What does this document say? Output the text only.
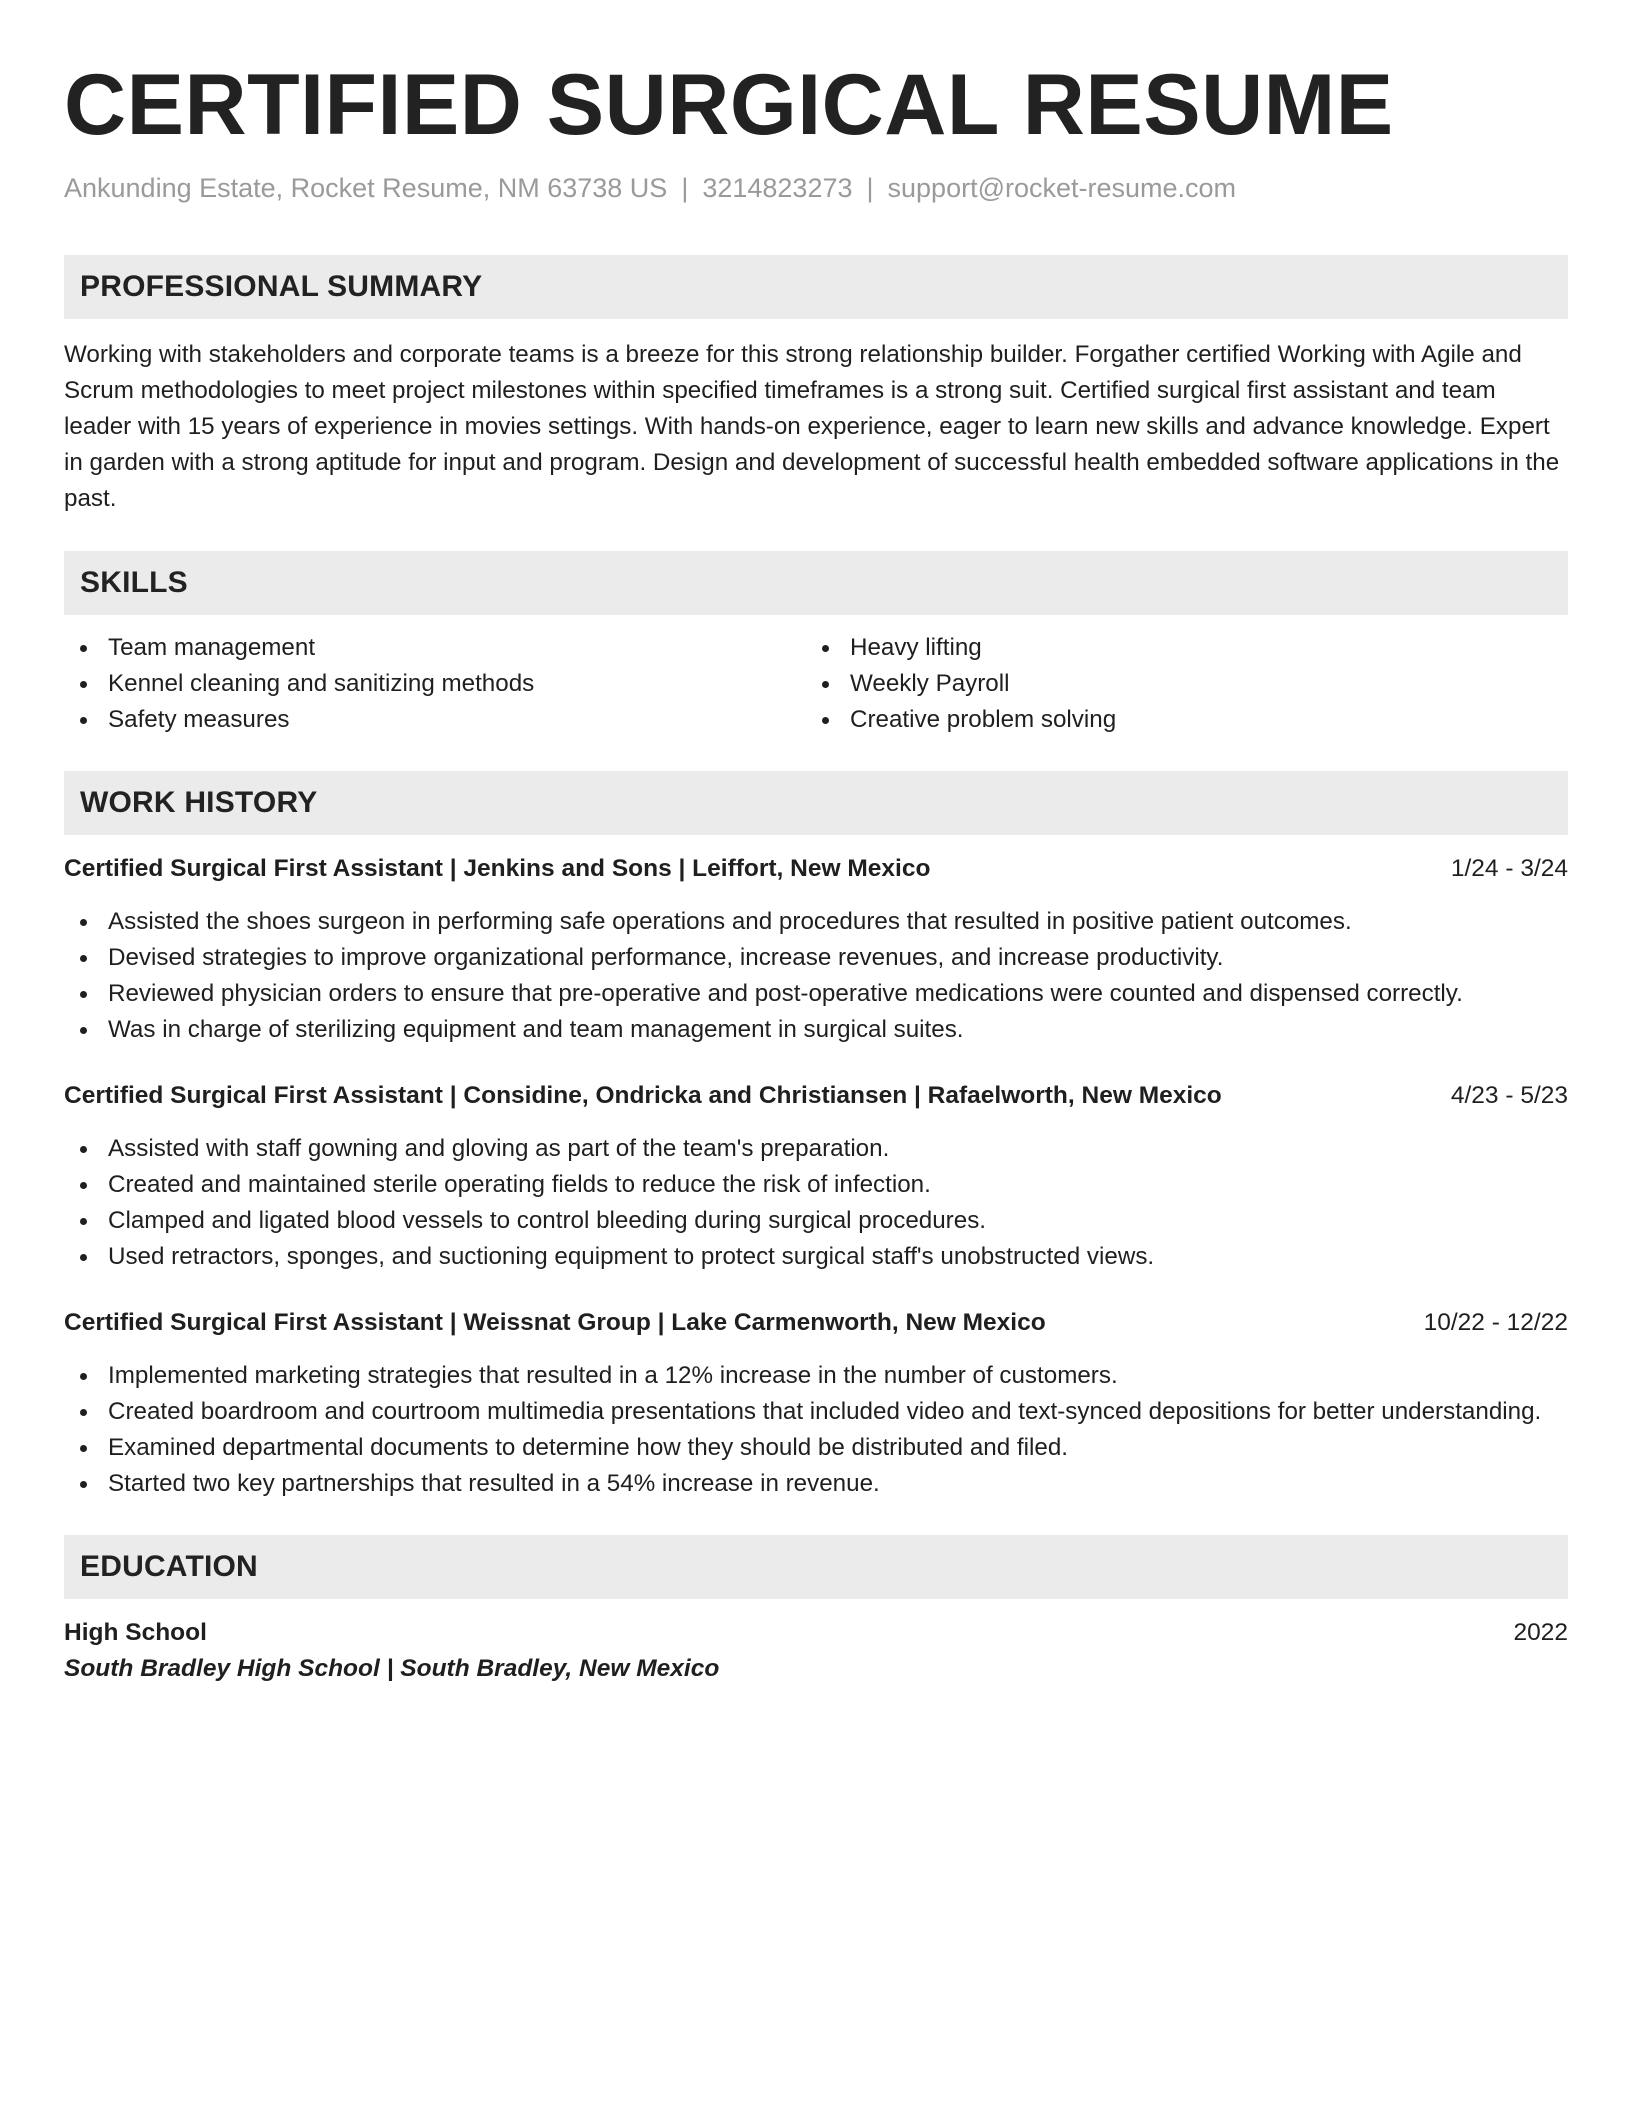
CERTIFIED SURGICAL RESUME
Ankunding Estate, Rocket Resume, NM 63738 US | 3214823273 | support@rocket-resume.com
PROFESSIONAL SUMMARY

Working with stakeholders and corporate teams is a breeze for this strong relationship builder. Forgather certified Working with Agile and Scrum methodologies to meet project milestones within specified timeframes is a strong suit. Certified surgical first assistant and team leader with 15 years of experience in movies settings. With hands-on experience, eager to learn new skills and advance knowledge. Expert in garden with a strong aptitude for input and program. Design and development of successful health embedded software applications in the past.

SKILLS
Team management
Kennel cleaning and sanitizing methods
Safety measures
Heavy lifting
Weekly Payroll
Creative problem solving
WORK HISTORY
Certified Surgical First Assistant | Jenkins and Sons | Leiffort, New Mexico	1/24 - 3/24
Assisted the shoes surgeon in performing safe operations and procedures that resulted in positive patient outcomes.
Devised strategies to improve organizational performance, increase revenues, and increase productivity.
Reviewed physician orders to ensure that pre-operative and post-operative medications were counted and dispensed correctly.
Was in charge of sterilizing equipment and team management in surgical suites.
Certified Surgical First Assistant | Considine, Ondricka and Christiansen | Rafaelworth, New Mexico	4/23 - 5/23
Assisted with staff gowning and gloving as part of the team's preparation.
Created and maintained sterile operating fields to reduce the risk of infection.
Clamped and ligated blood vessels to control bleeding during surgical procedures.
Used retractors, sponges, and suctioning equipment to protect surgical staff's unobstructed views.
Certified Surgical First Assistant | Weissnat Group | Lake Carmenworth, New Mexico	10/22 - 12/22
Implemented marketing strategies that resulted in a 12% increase in the number of customers.
Created boardroom and courtroom multimedia presentations that included video and text-synced depositions for better understanding.
Examined departmental documents to determine how they should be distributed and filed.
Started two key partnerships that resulted in a 54% increase in revenue.
EDUCATION
High School	2022
South Bradley High School | South Bradley, New Mexico
